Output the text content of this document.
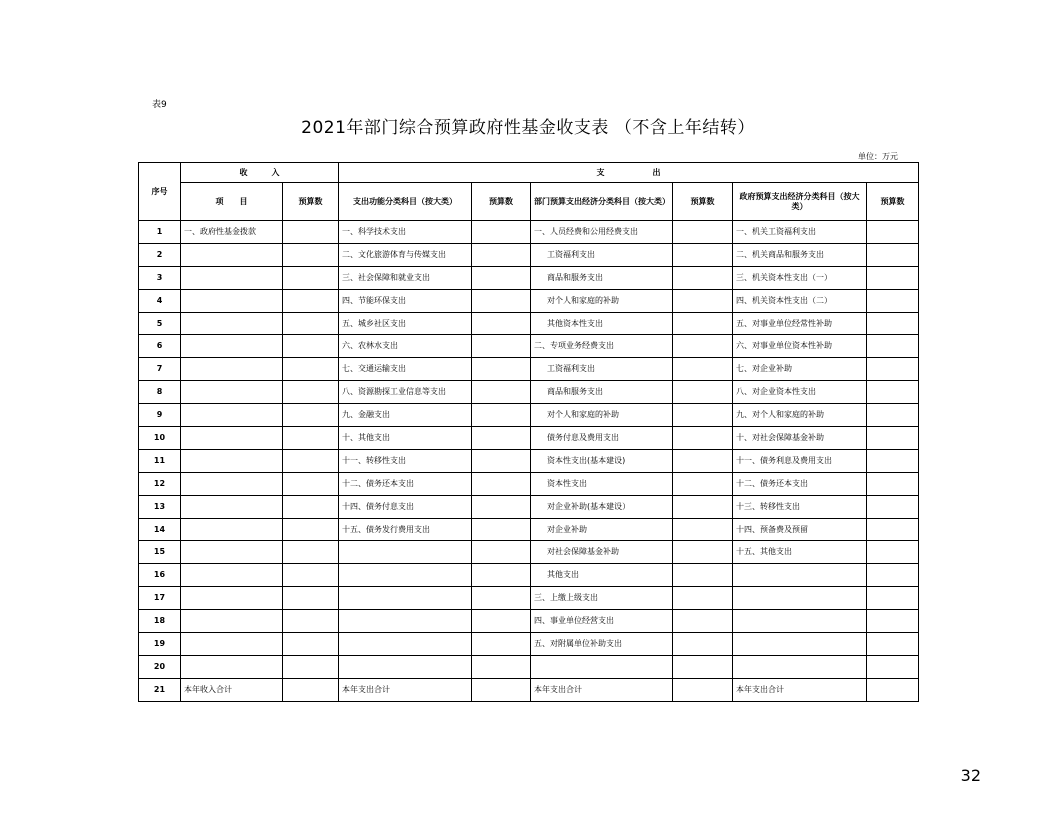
表9
2021年部门综合预算政府性基金收支表 （不含上年结转）
单位：万元
序号	收　　　入		支　　　　　　出					
	项　　目	预算数	支出功能分类科目（按大类）	预算数	部门预算支出经济分类科目（按大类）	预算数	政府预算支出经济分类科目（按大类）	预算数
1	一、政府性基金拨款		一、科学技术支出		一、人员经费和公用经费支出		一、机关工资福利支出	
2			二、文化旅游体育与传媒支出		工资福利支出		二、机关商品和服务支出	
3			三、社会保障和就业支出		商品和服务支出		三、机关资本性支出（一）	
4			四、节能环保支出		对个人和家庭的补助		四、机关资本性支出（二）	
5			五、城乡社区支出		其他资本性支出		五、对事业单位经常性补助	
6			六、农林水支出		二、专项业务经费支出		六、对事业单位资本性补助	
7			七、交通运输支出		工资福利支出		七、对企业补助	
8			八、资源勘探工业信息等支出		商品和服务支出		八、对企业资本性支出	
9			九、金融支出		对个人和家庭的补助		九、对个人和家庭的补助	
10			十、其他支出		债务付息及费用支出		十、对社会保障基金补助	
11			十一、转移性支出		资本性支出(基本建设)		十一、债务利息及费用支出	
12			十二、债务还本支出		资本性支出		十二、债务还本支出	
13			十四、债务付息支出		对企业补助(基本建设）		十三、转移性支出	
14			十五、债务发行费用支出		对企业补助		十四、预备费及预留	
15					对社会保障基金补助		十五、其他支出	
16					其他支出			
17					三、上缴上级支出			
18					四、事业单位经营支出			
19					五、对附属单位补助支出			
20								
21	本年收入合计		本年支出合计		本年支出合计		本年支出合计	
32
